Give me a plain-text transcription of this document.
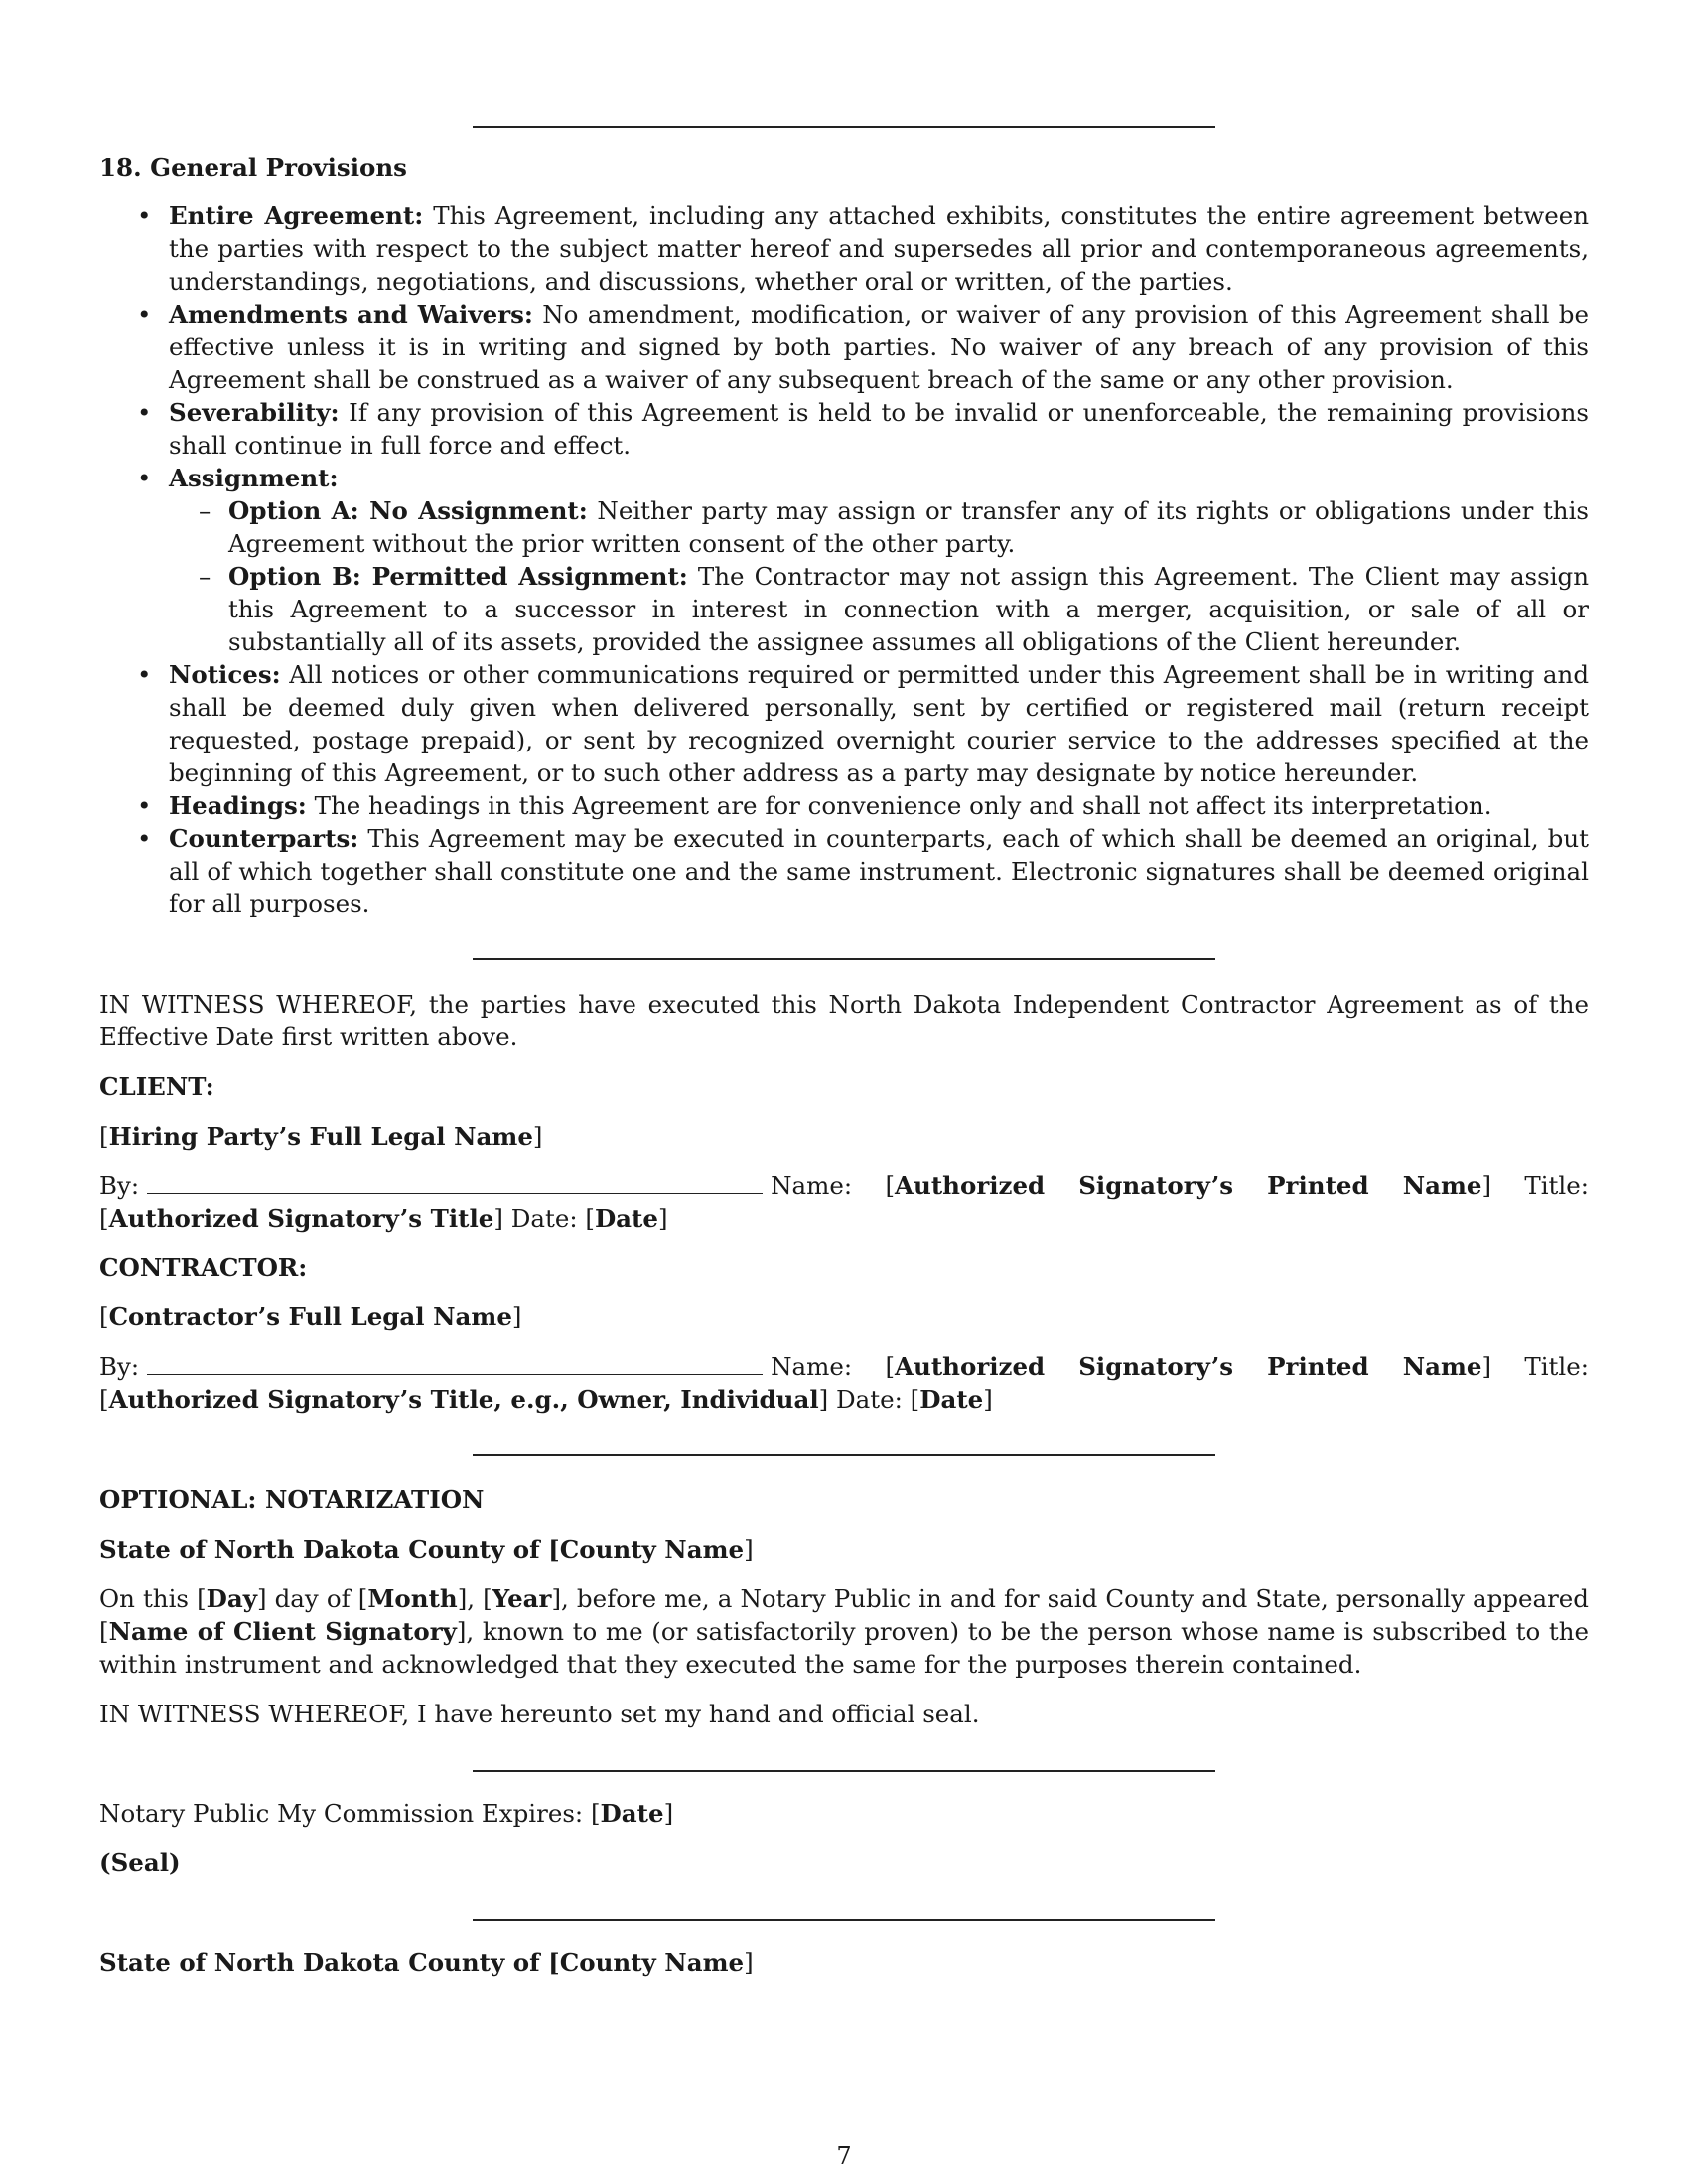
18. General Provisions
• Entire Agreement: This Agreement, including any attached exhibits, constitutes the entire agreement between the parties with respect to the subject matter hereof and supersedes all prior and contemporaneous agreements, understandings, negotiations, and discussions, whether oral or written, of the parties.
• Amendments and Waivers: No amendment, modification, or waiver of any provision of this Agreement shall be effective unless it is in writing and signed by both parties. No waiver of any breach of any provision of this Agreement shall be construed as a waiver of any subsequent breach of the same or any other provision.
• Severability: If any provision of this Agreement is held to be invalid or unenforceable, the remaining provisions shall continue in full force and effect.
• Assignment:
– Option A: No Assignment: Neither party may assign or transfer any of its rights or obligations under this Agreement without the prior written consent of the other party.
– Option B: Permitted Assignment: The Contractor may not assign this Agreement. The Client may assign this Agreement to a successor in interest in connection with a merger, acquisition, or sale of all or substantially all of its assets, provided the assignee assumes all obligations of the Client hereunder.
• Notices: All notices or other communications required or permitted under this Agreement shall be in writing and shall be deemed duly given when delivered personally, sent by certified or registered mail (return receipt requested, postage prepaid), or sent by recognized overnight courier service to the addresses specified at the beginning of this Agreement, or to such other address as a party may designate by notice hereunder.
• Headings: The headings in this Agreement are for convenience only and shall not affect its interpretation.
• Counterparts: This Agreement may be executed in counterparts, each of which shall be deemed an original, but all of which together shall constitute one and the same instrument. Electronic signatures shall be deemed original for all purposes.
IN WITNESS WHEREOF, the parties have executed this North Dakota Independent Contractor Agreement as of the Effective Date first written above.
CLIENT:
[Hiring Party’s Full Legal Name]
By:	Name: [Authorized Signatory’s Printed Name] Title: [Authorized Signatory’s Title] Date: [Date]
CONTRACTOR:
[Contractor’s Full Legal Name]
By:	Name: [Authorized Signatory’s Printed Name] Title: [Authorized Signatory’s Title, e.g., Owner, Individual] Date: [Date]
OPTIONAL: NOTARIZATION
State of North Dakota County of [County Name]
On this [Day] day of [Month], [Year], before me, a Notary Public in and for said County and State, personally appeared [Name of Client Signatory], known to me (or satisfactorily proven) to be the person whose name is subscribed to the within instrument and acknowledged that they executed the same for the purposes therein contained.
IN WITNESS WHEREOF, I have hereunto set my hand and official seal.
Notary Public My Commission Expires: [Date]
(Seal)
State of North Dakota County of [County Name]
7
